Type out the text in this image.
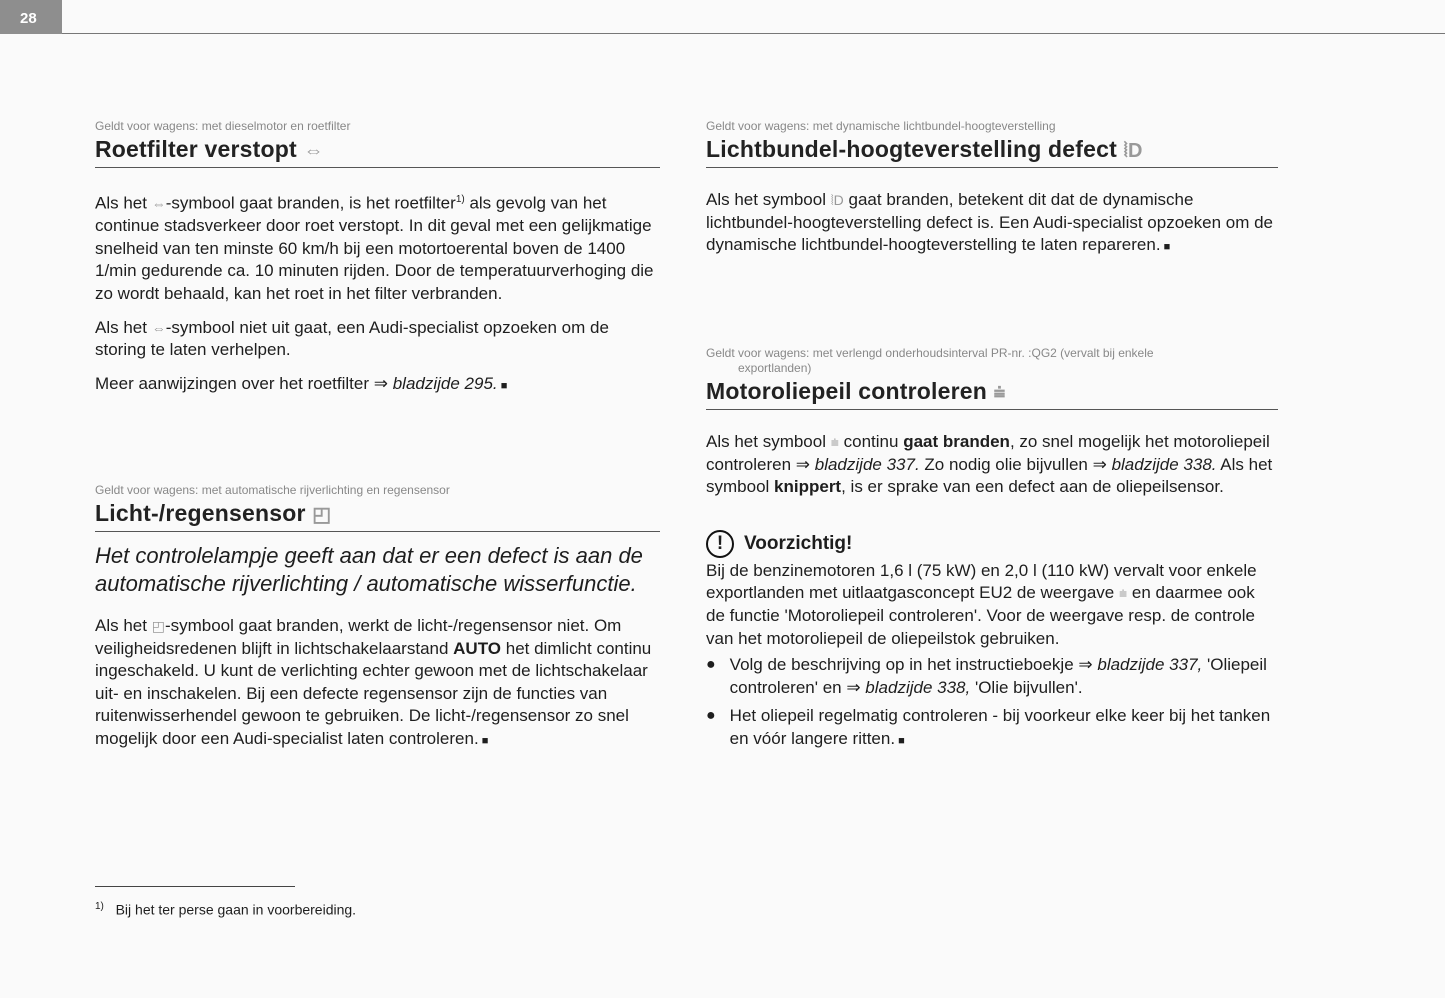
28
Geldt voor wagens: met dieselmotor en roetfilter
Roetfilter verstopt ⇔

Als het ⇔-symbool gaat branden, is het roetfilter$^{1)}$ als gevolg van het continue stadsverkeer door roet verstopt. In dit geval met een gelijkmatige snelheid van ten minste 60 km/h bij een motortoerental boven de 1400 1/min gedurende ca. 10 minuten rijden. Door de temperatuurverhoging die zo wordt behaald, kan het roet in het filter verbranden.

Als het ⇔-symbool niet uit gaat, een Audi-specialist opzoeken om de storing te laten verhelpen.

Meer aanwijzingen over het roetfilter ⇒ bladzijde 295. ■

Geldt voor wagens: met automatische rijverlichting en regensensor
Licht-/regensensor ◰
Het controlelampje geeft aan dat er een defect is aan de automatische rijverlichting / automatische wisserfunctie.

Als het ◰-symbool gaat branden, werkt de licht-/regensensor niet. Om veiligheidsredenen blijft in lichtschakelaarstand AUTO het dimlicht continu ingeschakeld. U kunt de verlichting echter gewoon met de lichtschakelaar uit- en inschakelen. Bij een defecte regensensor zijn de functies van ruitenwisserhendel gewoon te gebruiken. De licht-/regensensor zo snel mogelijk door een Audi-specialist laten controleren. ■

$^{1)}$ Bij het ter perse gaan in voorbereiding.
Geldt voor wagens: met dynamische lichtbundel-hoogteverstelling
Lichtbundel-hoogteverstelling defect ⦚D

Als het symbool ⦚D gaat branden, betekent dit dat de dynamische lichtbundel-hoogteverstelling defect is. Een Audi-specialist opzoeken om de dynamische lichtbundel-hoogteverstelling te laten repareren. ■

Geldt voor wagens: met verlengd onderhoudsinterval PR-nr. :QG2 (vervalt bij enkele
exportlanden)
Motoroliepeil controleren ⩧

Als het symbool ⩧ continu gaat branden, zo snel mogelijk het motoroliepeil controleren ⇒ bladzijde 337. Zo nodig olie bijvullen ⇒ bladzijde 338. Als het symbool knippert, is er sprake van een defect aan de oliepeilsensor.

!	Voorzichtig!

Bij de benzinemotoren 1,6 l (75 kW) en 2,0 l (110 kW) vervalt voor enkele exportlanden met uitlaatgasconcept EU2 de weergave ⩧ en daarmee ook de functie 'Motoroliepeil controleren'. Voor de weergave resp. de controle van het motoroliepeil de oliepeilstok gebruiken.

● Volg de beschrijving op in het instructieboekje ⇒ bladzijde 337, 'Oliepeil controleren' en ⇒ bladzijde 338, 'Olie bijvullen'.

● Het oliepeil regelmatig controleren - bij voorkeur elke keer bij het tanken en vóór langere ritten. ■
